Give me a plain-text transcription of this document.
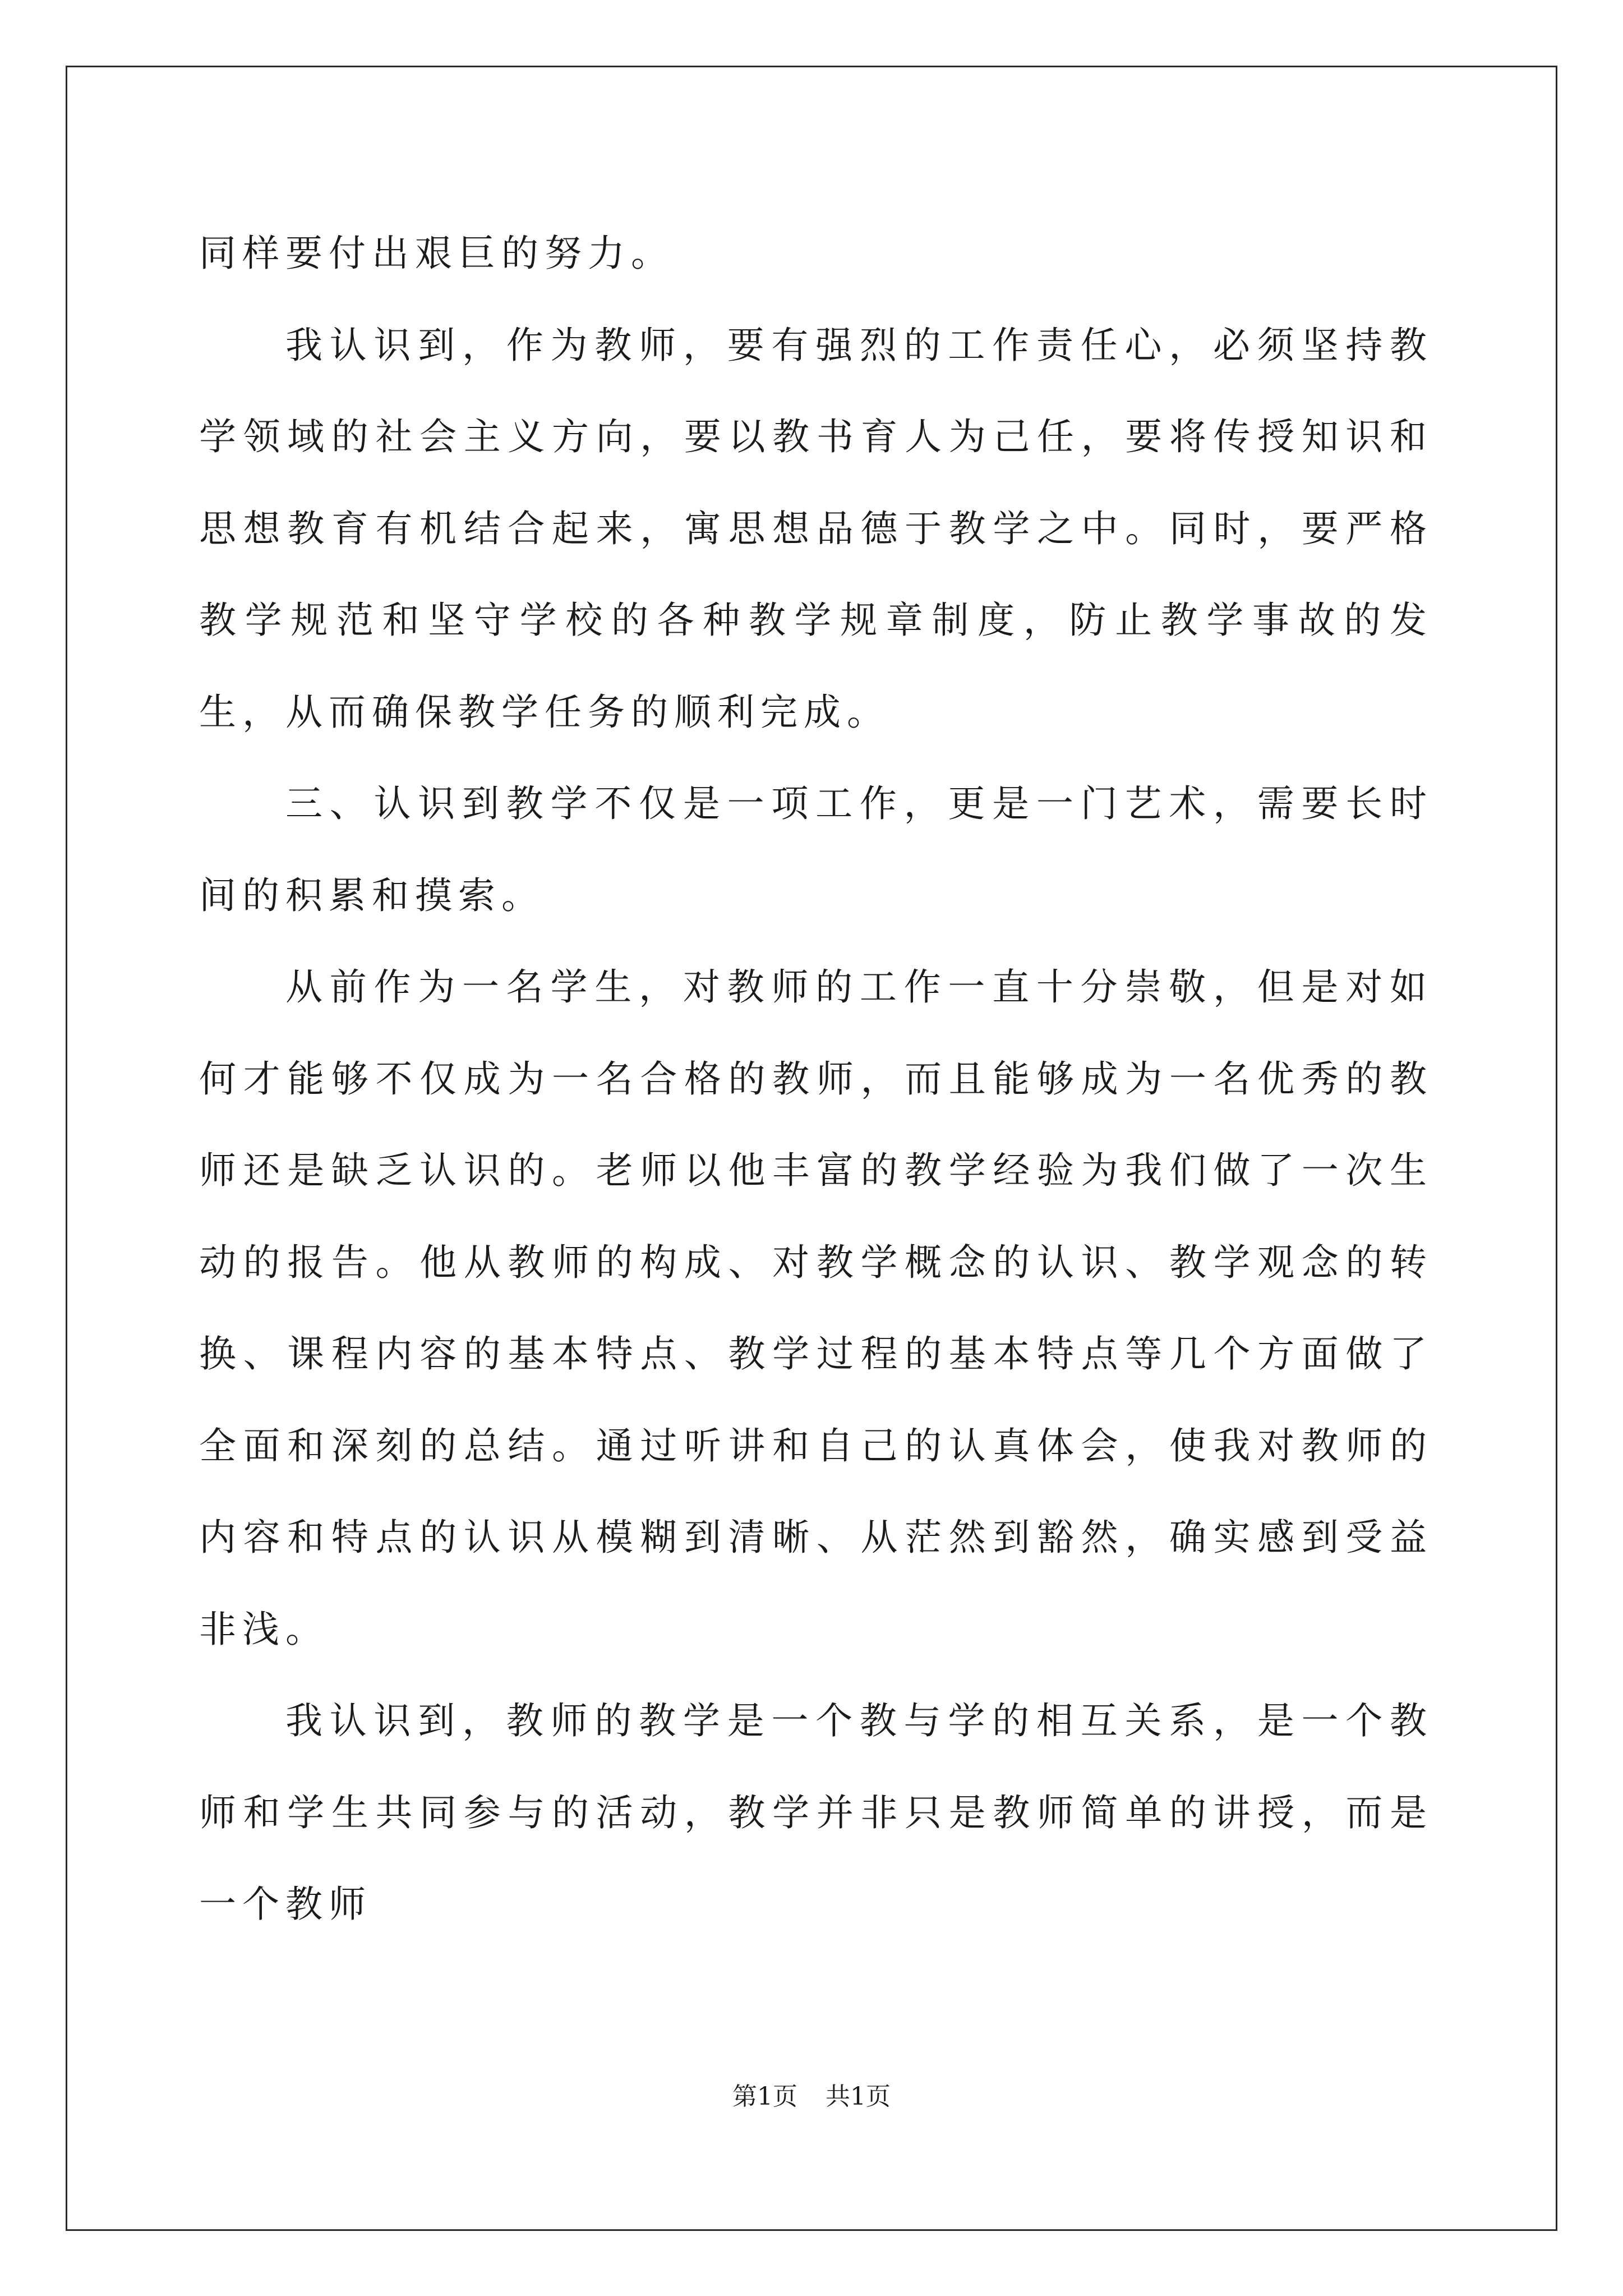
同样要付出艰巨的努力。

我认识到，作为教师，要有强烈的工作责任心，必须坚持教学领域的社会主义方向，要以教书育人为己任，要将传授知识和思想教育有机结合起来，寓思想品德于教学之中。同时，要严格教学规范和坚守学校的各种教学规章制度，防止教学事故的发生，从而确保教学任务的顺利完成。

三、认识到教学不仅是一项工作，更是一门艺术，需要长时间的积累和摸索。

从前作为一名学生，对教师的工作一直十分崇敬，但是对如何才能够不仅成为一名合格的教师，而且能够成为一名优秀的教师还是缺乏认识的。老师以他丰富的教学经验为我们做了一次生动的报告。他从教师的构成、对教学概念的认识、教学观念的转换、课程内容的基本特点、教学过程的基本特点等几个方面做了全面和深刻的总结。通过听讲和自己的认真体会，使我对教师的内容和特点的认识从模糊到清晰、从茫然到豁然，确实感到受益非浅。

我认识到，教师的教学是一个教与学的相互关系，是一个教师和学生共同参与的活动，教学并非只是教师简单的讲授，而是一个教师

第1页 共1页
